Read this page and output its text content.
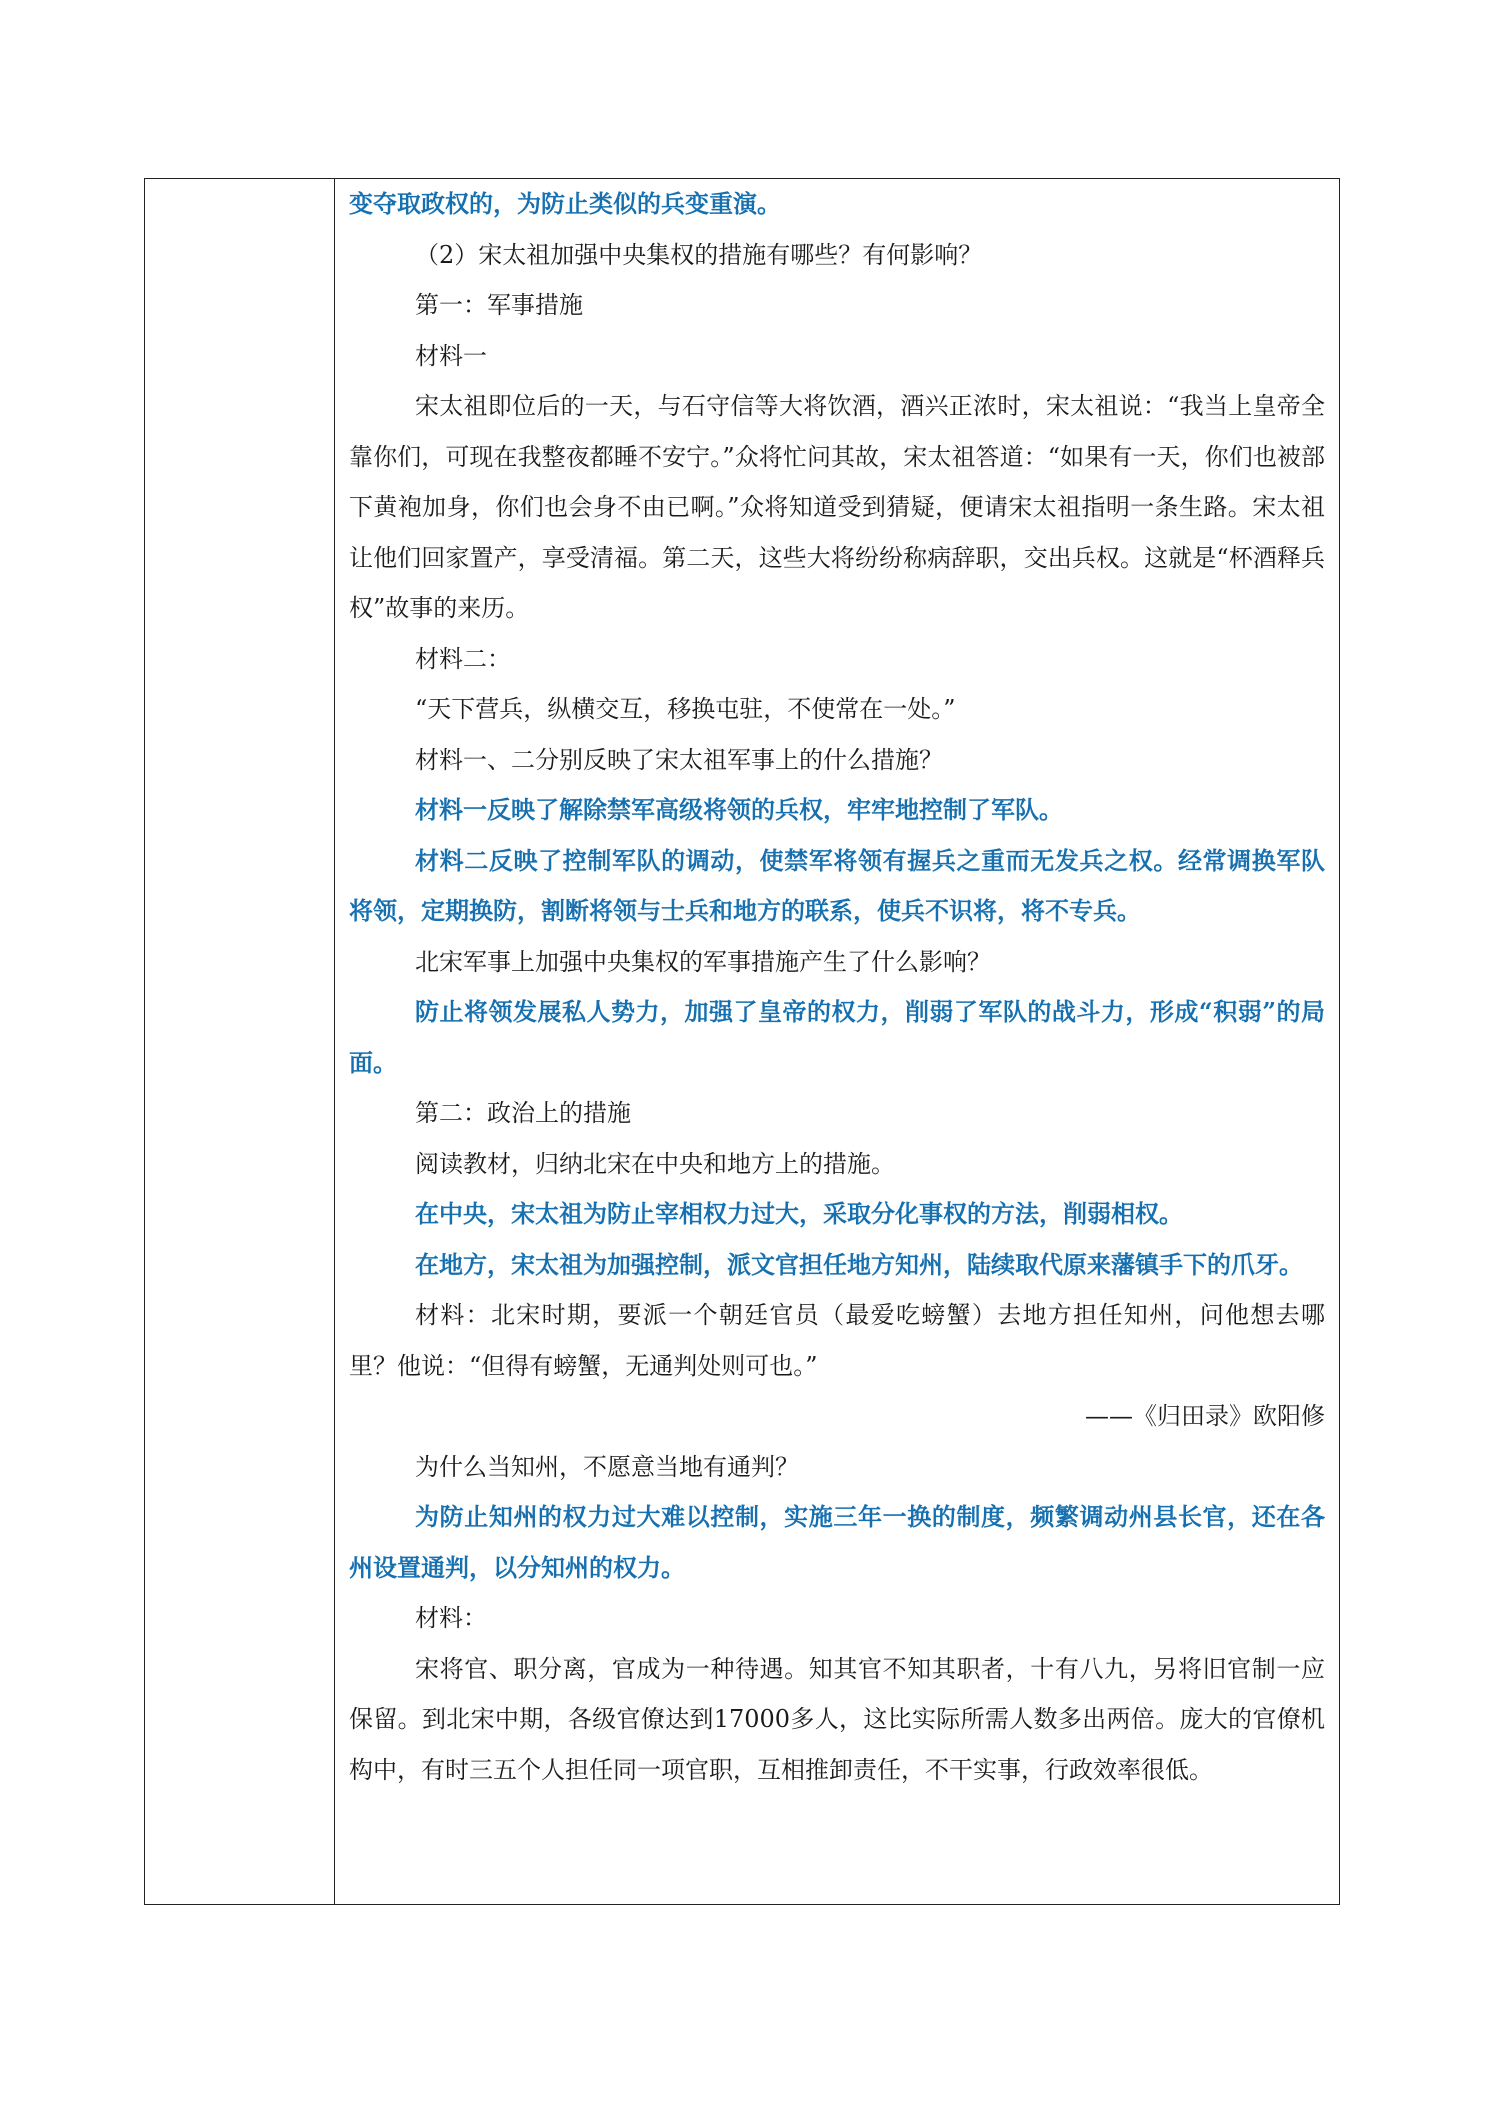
变夺取政权的，为防止类似的兵变重演。

（2）宋太祖加强中央集权的措施有哪些？有何影响？

第一：军事措施

材料一

宋太祖即位后的一天，与石守信等大将饮酒，酒兴正浓时，宋太祖说：“我当上皇帝全靠你们，可现在我整夜都睡不安宁。”众将忙问其故，宋太祖答道：“如果有一天，你们也被部下黄袍加身，你们也会身不由已啊。”众将知道受到猜疑，便请宋太祖指明一条生路。宋太祖让他们回家置产，享受清福。第二天，这些大将纷纷称病辞职，交出兵权。这就是“杯酒释兵权”故事的来历。

材料二：

“天下营兵，纵横交互，移换屯驻，不使常在一处。”

材料一、二分别反映了宋太祖军事上的什么措施？

材料一反映了解除禁军高级将领的兵权，牢牢地控制了军队。

材料二反映了控制军队的调动，使禁军将领有握兵之重而无发兵之权。经常调换军队将领，定期换防，割断将领与士兵和地方的联系，使兵不识将，将不专兵。

北宋军事上加强中央集权的军事措施产生了什么影响？

防止将领发展私人势力，加强了皇帝的权力，削弱了军队的战斗力，形成“积弱”的局面。

第二：政治上的措施

阅读教材，归纳北宋在中央和地方上的措施。

在中央，宋太祖为防止宰相权力过大，采取分化事权的方法，削弱相权。

在地方，宋太祖为加强控制，派文官担任地方知州，陆续取代原来藩镇手下的爪牙。

材料：北宋时期，要派一个朝廷官员（最爱吃螃蟹）去地方担任知州，问他想去哪里？他说：“但得有螃蟹，无通判处则可也。”

——《归田录》欧阳修

为什么当知州，不愿意当地有通判？

为防止知州的权力过大难以控制，实施三年一换的制度，频繁调动州县长官，还在各州设置通判，以分知州的权力。

材料：

宋将官、职分离，官成为一种待遇。知其官不知其职者，十有八九，另将旧官制一应保留。到北宋中期，各级官僚达到17000多人，这比实际所需人数多出两倍。庞大的官僚机构中，有时三五个人担任同一项官职，互相推卸责任，不干实事，行政效率很低。
